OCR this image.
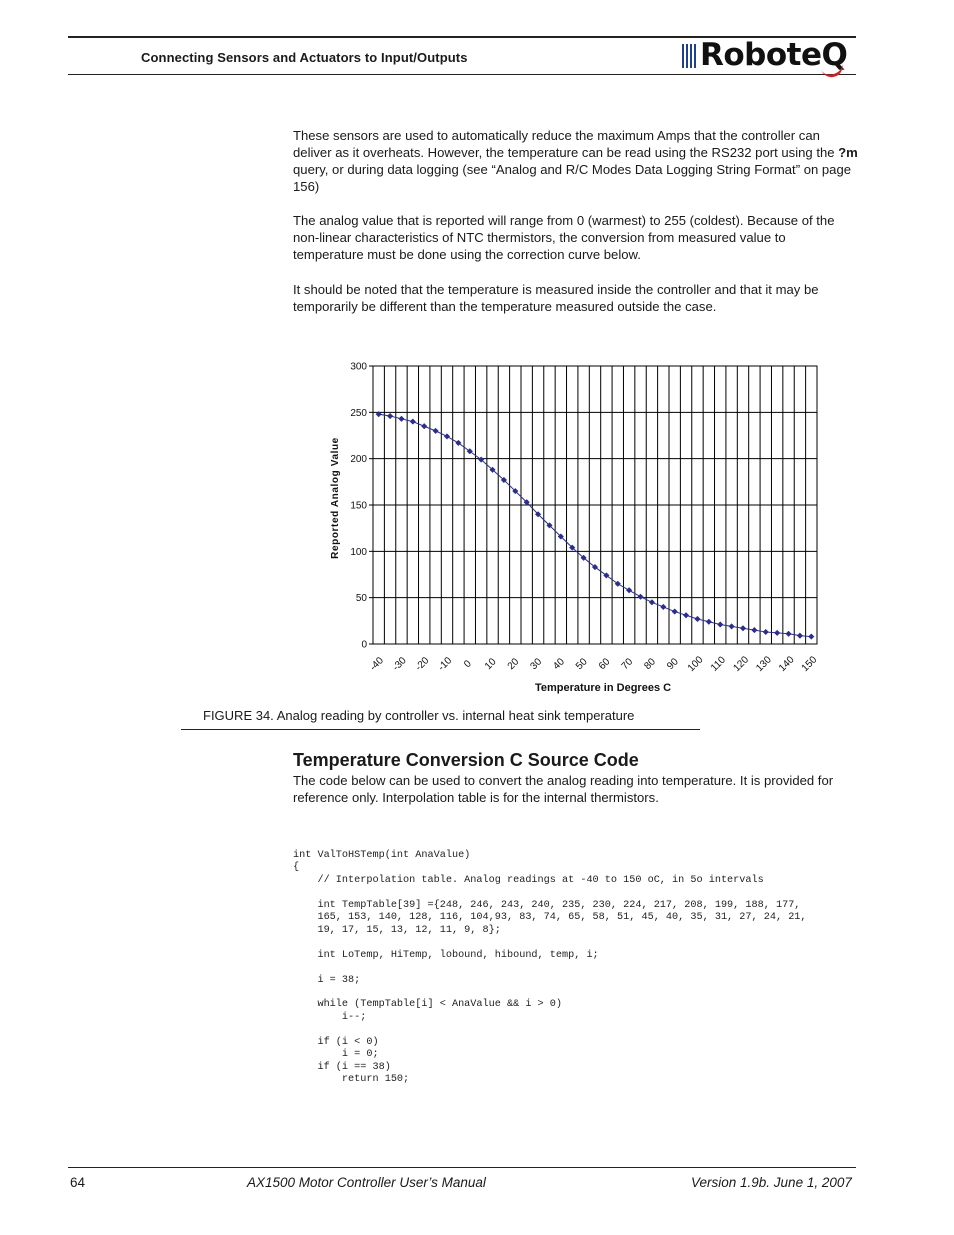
Connecting Sensors and Actuators to Input/Outputs	RoboteQ
These sensors are used to automatically reduce the maximum Amps that the controller can deliver as it overheats. However, the temperature can be read using the RS232 port using the ?m query, or during data logging (see “Analog and R/C Modes Data Logging String Format” on page 156)
The analog value that is reported will range from 0 (warmest) to 255 (coldest). Because of the non-linear characteristics of NTC thermistors, the conversion from measured value to temperature must be done using the correction curve below.
It should be noted that the temperature is measured inside the controller and that it may be temporarily be different than the temperature measured outside the case.
0
50
100
150
200
250
300
-40 -30 -20 -10 0 10 20 30 40 50 60 70 80 90 100 110 120 130 140 150
Temperature in Degrees C
Reported Analog Value
FIGURE 34. Analog reading by controller vs. internal heat sink temperature
Temperature Conversion C Source Code
The code below can be used to convert the analog reading into temperature. It is provided for reference only. Interpolation table is for the internal thermistors.
int ValToHSTemp(int AnaValue)
{
// Interpolation table. Analog readings at -40 to 150 oC, in 5o intervals

int TempTable[39] ={248, 246, 243, 240, 235, 230, 224, 217, 208, 199, 188, 177,
165, 153, 140, 128, 116, 104,93, 83, 74, 65, 58, 51, 45, 40, 35, 31, 27, 24, 21,
19, 17, 15, 13, 12, 11, 9, 8};

int LoTemp, HiTemp, lobound, hibound, temp, i;

i = 38;

while (TempTable[i] < AnaValue && i > 0)
i--;

if (i < 0)
i = 0;
if (i == 38)
return 150;
64	AX1500 Motor Controller User’s Manual	Version 1.9b. June 1, 2007
